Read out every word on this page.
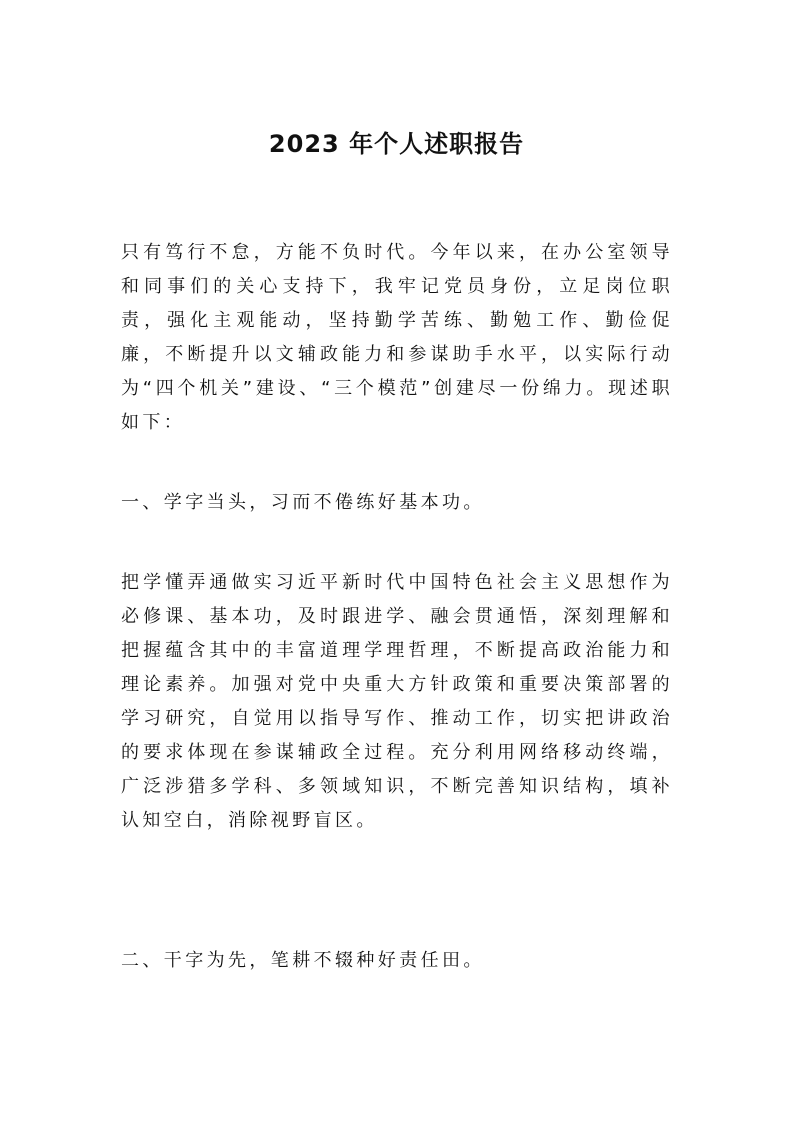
2023 年个人述职报告

只有笃行不怠，方能不负时代。今年以来，在办公室领导和同事们的关心支持下，我牢记党员身份，立足岗位职责，强化主观能动，坚持勤学苦练、勤勉工作、勤俭促廉，不断提升以文辅政能力和参谋助手水平，以实际行动为“四个机关”建设、“三个模范”创建尽一份绵力。现述职如下：

一、学字当头，习而不倦练好基本功。

把学懂弄通做实习近平新时代中国特色社会主义思想作为必修课、基本功，及时跟进学、融会贯通悟，深刻理解和把握蕴含其中的丰富道理学理哲理，不断提高政治能力和理论素养。加强对党中央重大方针政策和重要决策部署的学习研究，自觉用以指导写作、推动工作，切实把讲政治的要求体现在参谋辅政全过程。充分利用网络移动终端，广泛涉猎多学科、多领域知识，不断完善知识结构，填补认知空白，消除视野盲区。

二、干字为先，笔耕不辍种好责任田。
